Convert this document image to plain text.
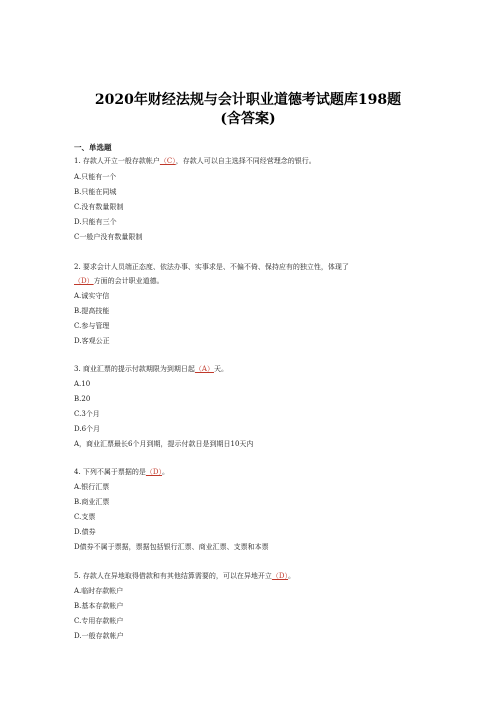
2020年财经法规与会计职业道德考试题库198题
(含答案)
一、单选题
1. 存款人开立一般存款帐户（C），存款人可以自主选择不同经营理念的银行。
A.只能有一个
B.只能在同城
C.没有数量限制
D.只能有三个
C一般户没有数量限制
2. 要求会计人员端正态度、依法办事、实事求是、不偏不倚、保持应有的独立性，体现了
（D）方面的会计职业道德。
A.诚实守信
B.提高技能
C.参与管理
D.客观公正
3. 商业汇票的提示付款期限为到期日起（A）天。
A.10
B.20
C.3个月
D.6个月
A，商业汇票最长6个月到期，提示付款日是到期日10天内
4. 下列不属于票据的是（D）。
A.银行汇票
B.商业汇票
C.支票
D.债券
D债券不属于票据，票据包括银行汇票、商业汇票、支票和本票
5. 存款人在异地取得借款和有其他结算需要的，可以在异地开立（D）。
A.临时存款帐户
B.基本存款帐户
C.专用存款帐户
D.一般存款帐户
